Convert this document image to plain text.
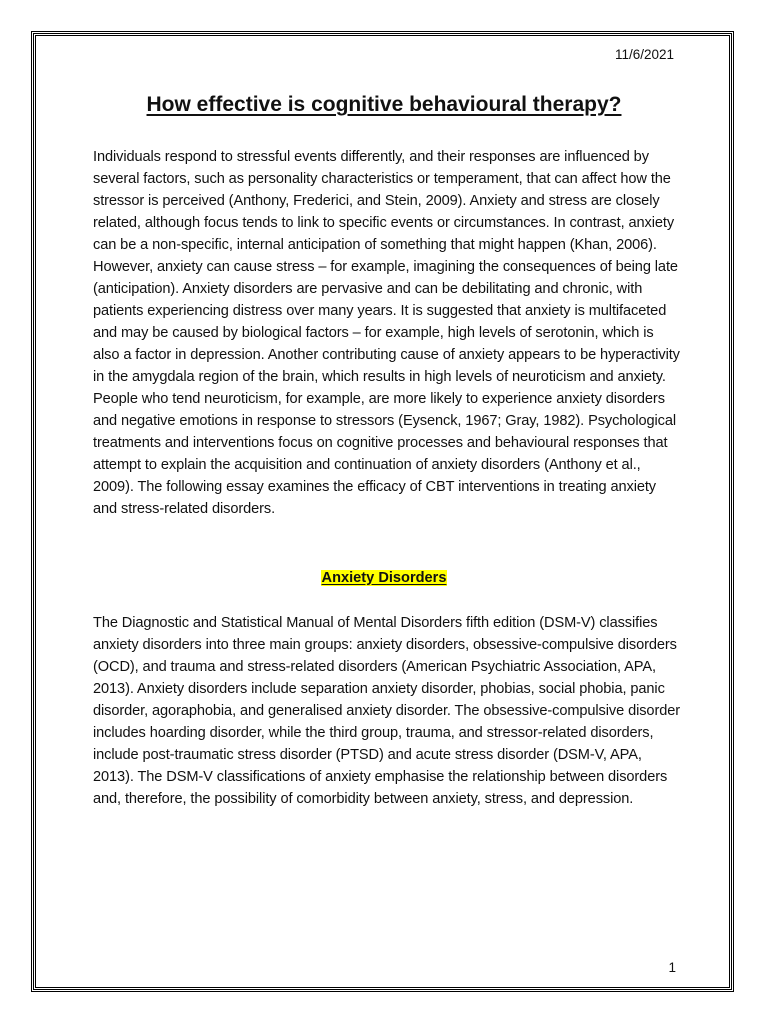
11/6/2021
How effective is cognitive behavioural therapy?

Individuals respond to stressful events differently, and their responses are influenced by several factors, such as personality characteristics or temperament, that can affect how the stressor is perceived (Anthony, Frederici, and Stein, 2009). Anxiety and stress are closely related, although focus tends to link to specific events or circumstances. In contrast, anxiety can be a non-specific, internal anticipation of something that might happen (Khan, 2006). However, anxiety can cause stress – for example, imagining the consequences of being late (anticipation). Anxiety disorders are pervasive and can be debilitating and chronic, with patients experiencing distress over many years. It is suggested that anxiety is multifaceted and may be caused by biological factors – for example, high levels of serotonin, which is also a factor in depression. Another contributing cause of anxiety appears to be hyperactivity in the amygdala region of the brain, which results in high levels of neuroticism and anxiety. People who tend neuroticism, for example, are more likely to experience anxiety disorders and negative emotions in response to stressors (Eysenck, 1967; Gray, 1982). Psychological treatments and interventions focus on cognitive processes and behavioural responses that attempt to explain the acquisition and continuation of anxiety disorders (Anthony et al., 2009). The following essay examines the efficacy of CBT interventions in treating anxiety and stress-related disorders.

Anxiety Disorders

The Diagnostic and Statistical Manual of Mental Disorders fifth edition (DSM-V) classifies anxiety disorders into three main groups: anxiety disorders, obsessive-compulsive disorders (OCD), and trauma and stress-related disorders (American Psychiatric Association, APA, 2013). Anxiety disorders include separation anxiety disorder, phobias, social phobia, panic disorder, agoraphobia, and generalised anxiety disorder. The obsessive-compulsive disorder includes hoarding disorder, while the third group, trauma, and stressor-related disorders, include post-traumatic stress disorder (PTSD) and acute stress disorder (DSM-V, APA, 2013). The DSM-V classifications of anxiety emphasise the relationship between disorders and, therefore, the possibility of comorbidity between anxiety, stress, and depression.

1
